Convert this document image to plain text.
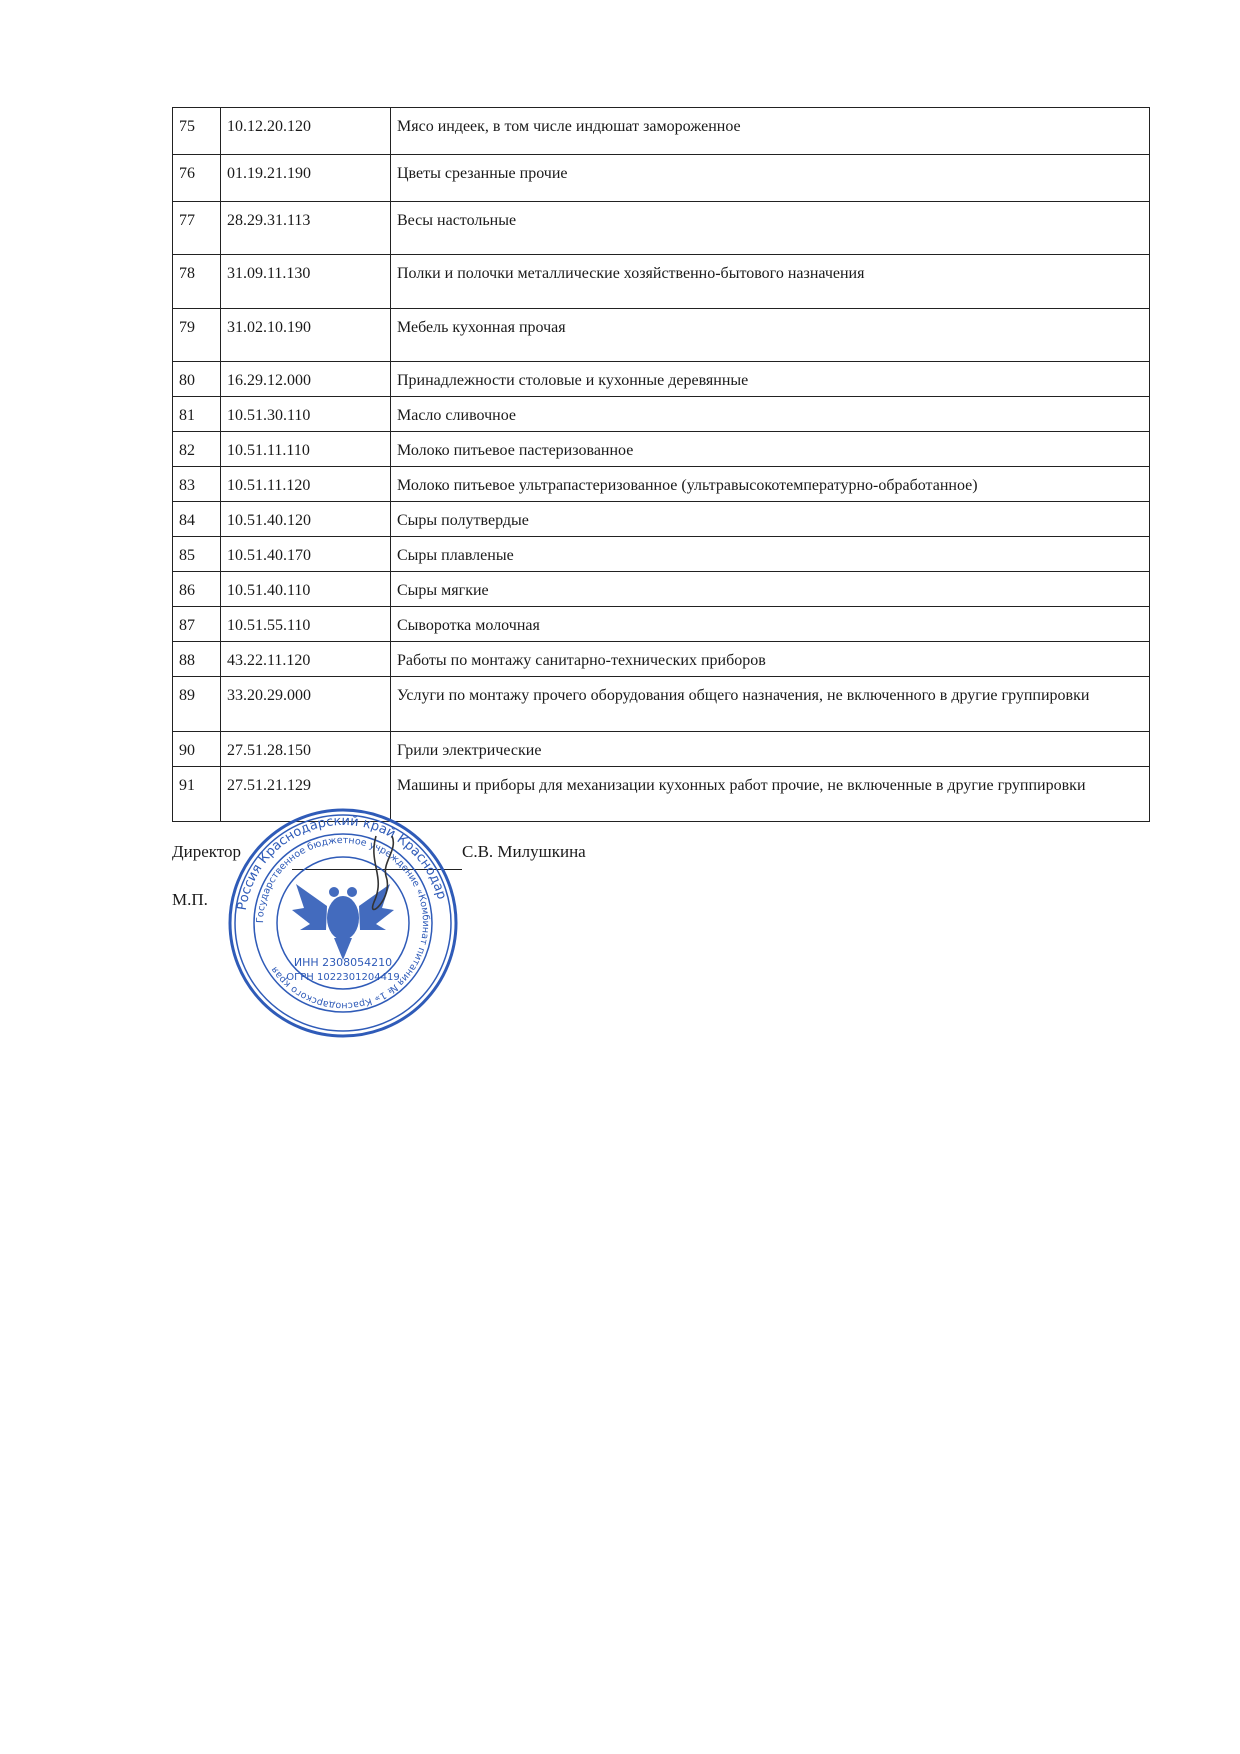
75	10.12.20.120	Мясо индеек, в том числе индюшат замороженное
76	01.19.21.190	Цветы срезанные прочие
77	28.29.31.113	Весы настольные
78	31.09.11.130	Полки и полочки металлические хозяйственно-бытового назначения
79	31.02.10.190	Мебель кухонная прочая
80	16.29.12.000	Принадлежности столовые и кухонные деревянные
81	10.51.30.110	Масло сливочное
82	10.51.11.110	Молоко питьевое пастеризованное
83	10.51.11.120	Молоко питьевое ультрапастеризованное (ультравысокотемпературно-обработанное)
84	10.51.40.120	Сыры полутвердые
85	10.51.40.170	Сыры плавленые
86	10.51.40.110	Сыры мягкие
87	10.51.55.110	Сыворотка молочная
88	43.22.11.120	Работы по монтажу санитарно-технических приборов
89	33.20.29.000	Услуги по монтажу прочего оборудования общего назначения, не включенного в другие группировки
90	27.51.28.150	Грили электрические
91	27.51.21.129	Машины и приборы для механизации кухонных работ прочие, не включенные в другие группировки
Директор	С.В. Милушкина
М.П. Россия Краснодарский край Краснодар
Государственное бюджетное учреждение «Комбинат питания № 1» Краснодарского края
ИНН 2308054210
ОГРН 1022301204419
